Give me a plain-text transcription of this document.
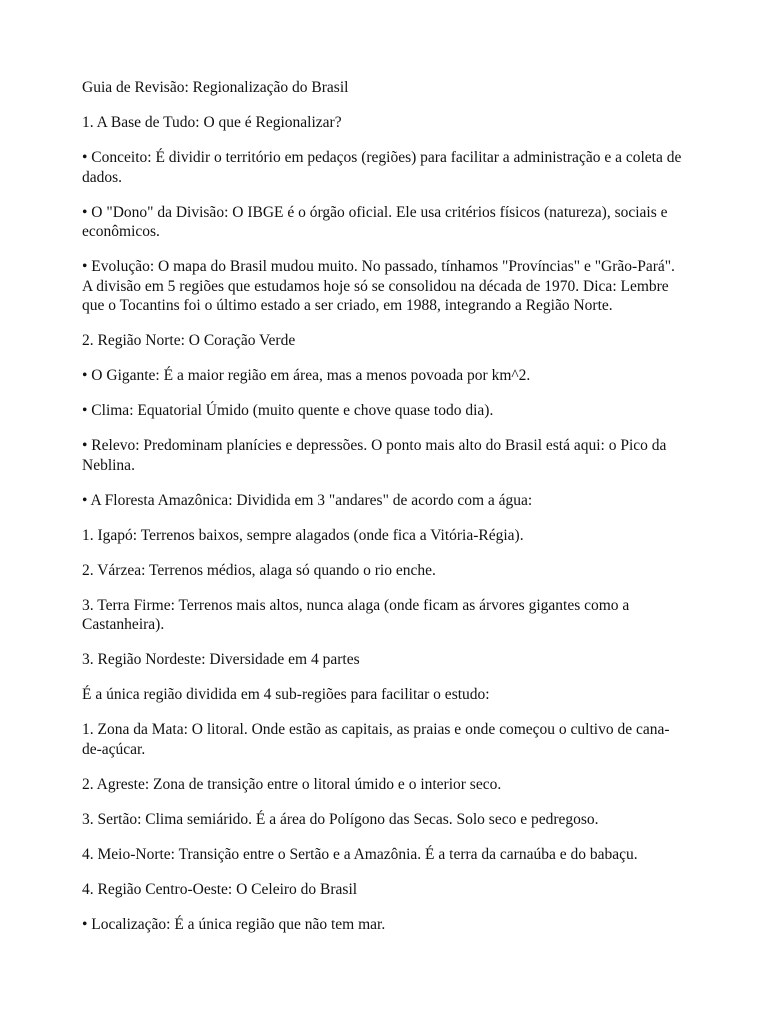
Guia de Revisão: Regionalização do Brasil

1. A Base de Tudo: O que é Regionalizar?

• Conceito: É dividir o território em pedaços (regiões) para facilitar a administração e a coleta de dados.

• O "Dono" da Divisão: O IBGE é o órgão oficial. Ele usa critérios físicos (natureza), sociais e econômicos.

• Evolução: O mapa do Brasil mudou muito. No passado, tínhamos "Províncias" e "Grão-Pará". A divisão em 5 regiões que estudamos hoje só se consolidou na década de 1970. Dica: Lembre que o Tocantins foi o último estado a ser criado, em 1988, integrando a Região Norte.

2. Região Norte: O Coração Verde

• O Gigante: É a maior região em área, mas a menos povoada por km^2.

• Clima: Equatorial Úmido (muito quente e chove quase todo dia).

• Relevo: Predominam planícies e depressões. O ponto mais alto do Brasil está aqui: o Pico da Neblina.

• A Floresta Amazônica: Dividida em 3 "andares" de acordo com a água:

1. Igapó: Terrenos baixos, sempre alagados (onde fica a Vitória-Régia).

2. Várzea: Terrenos médios, alaga só quando o rio enche.

3. Terra Firme: Terrenos mais altos, nunca alaga (onde ficam as árvores gigantes como a Castanheira).

3. Região Nordeste: Diversidade em 4 partes

É a única região dividida em 4 sub-regiões para facilitar o estudo:

1. Zona da Mata: O litoral. Onde estão as capitais, as praias e onde começou o cultivo de cana-de-açúcar.

2. Agreste: Zona de transição entre o litoral úmido e o interior seco.

3. Sertão: Clima semiárido. É a área do Polígono das Secas. Solo seco e pedregoso.

4. Meio-Norte: Transição entre o Sertão e a Amazônia. É a terra da carnaúba e do babaçu.

4. Região Centro-Oeste: O Celeiro do Brasil

• Localização: É a única região que não tem mar.
